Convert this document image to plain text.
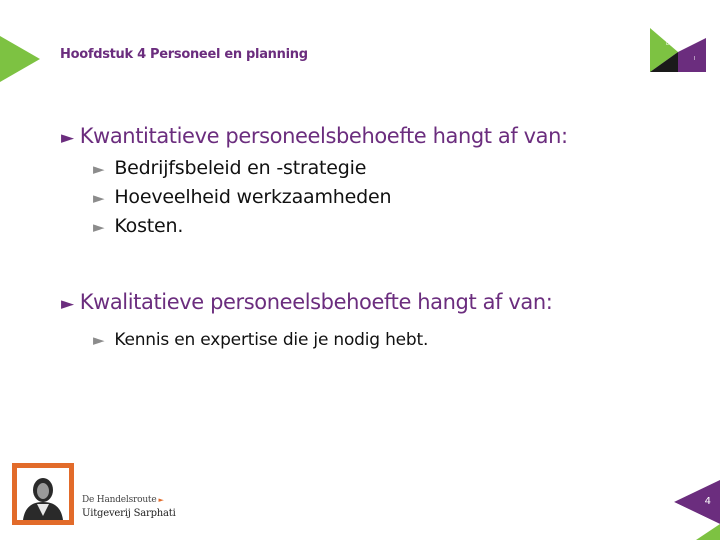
Hoofdstuk 4 Personeel en planning
L
I
► Kwantitatieve personeelsbehoefte hangt af van:
► Bedrijfsbeleid en -strategie
► Hoeveelheid werkzaamheden
► Kosten.
► Kwalitatieve personeelsbehoefte hangt af van:
► Kennis en expertise die je nodig hebt.
De Handelsroute ►
Uitgeverij Sarphati
4
